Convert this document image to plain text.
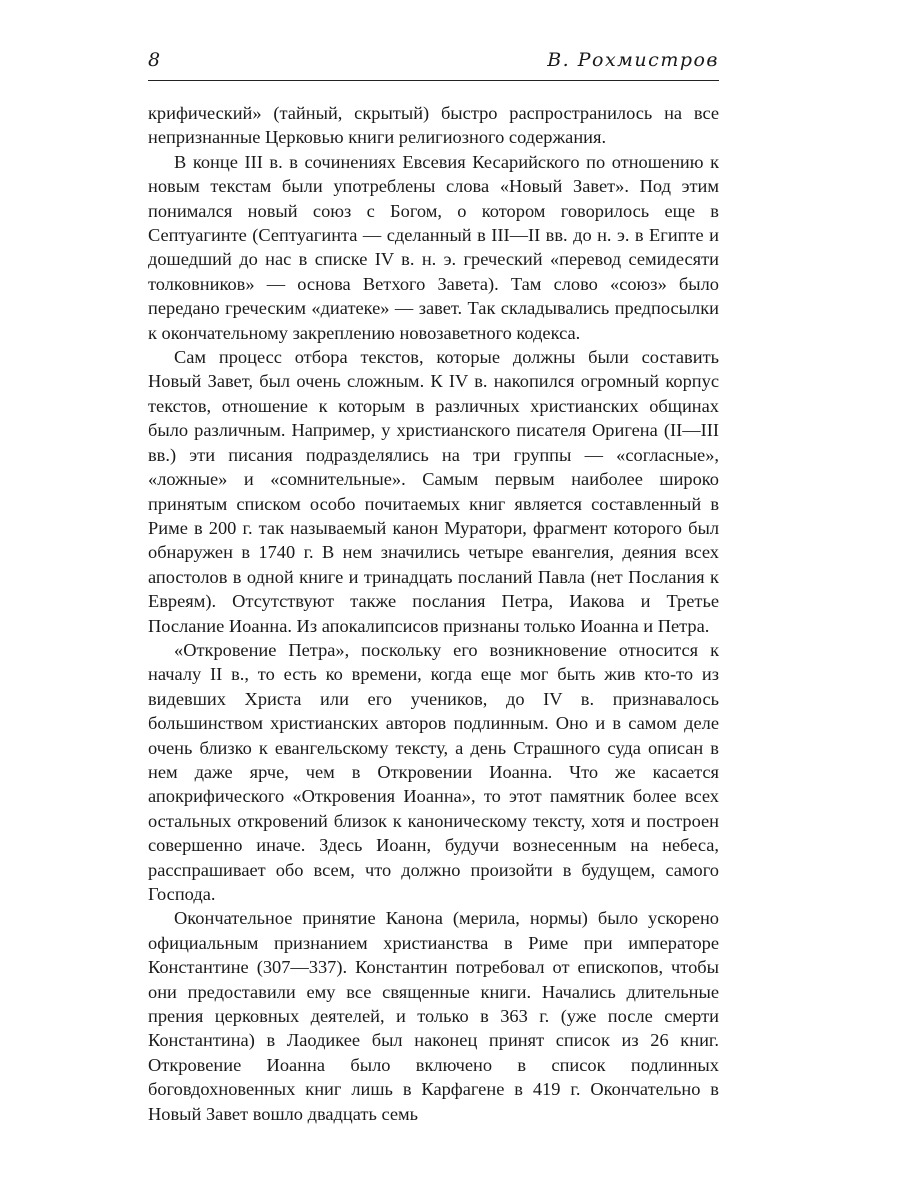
8	В. Рохмистров

крифический» (тайный, скрытый) быстро распространилось на все непризнанные Церковью книги религиозного содержания.

В конце III в. в сочинениях Евсевия Кесарийского по отношению к новым текстам были употреблены слова «Новый Завет». Под этим понимался новый союз с Богом, о котором говорилось еще в Септуагинте (Септуагинта — сделанный в III—II вв. до н. э. в Египте и дошедший до нас в списке IV в. н. э. греческий «перевод семидесяти толковников» — основа Ветхого Завета). Там слово «союз» было передано греческим «диатеке» — завет. Так складывались предпосылки к окончательному закреплению новозаветного кодекса.

Сам процесс отбора текстов, которые должны были составить Новый Завет, был очень сложным. К IV в. накопился огромный корпус текстов, отношение к которым в различных христианских общинах было различным. Например, у христианского писателя Оригена (II—III вв.) эти писания подразделялись на три группы — «согласные», «ложные» и «сомнительные». Самым первым наиболее широко принятым списком особо почитаемых книг является составленный в Риме в 200 г. так называемый канон Муратори, фрагмент которого был обнаружен в 1740 г. В нем значились четыре евангелия, деяния всех апостолов в одной книге и тринадцать посланий Павла (нет Послания к Евреям). Отсутствуют также послания Петра, Иакова и Третье Послание Иоанна. Из апокалипсисов признаны только Иоанна и Петра.

«Откровение Петра», поскольку его возникновение относится к началу II в., то есть ко времени, когда еще мог быть жив кто-то из видевших Христа или его учеников, до IV в. признавалось большинством христианских авторов подлинным. Оно и в самом деле очень близко к евангельскому тексту, а день Страшного суда описан в нем даже ярче, чем в Откровении Иоанна. Что же касается апокрифического «Откровения Иоанна», то этот памятник более всех остальных откровений близок к каноническому тексту, хотя и построен совершенно иначе. Здесь Иоанн, будучи вознесенным на небеса, расспрашивает обо всем, что должно произойти в будущем, самого Господа.

Окончательное принятие Канона (мерила, нормы) было ускорено официальным признанием христианства в Риме при императоре Константине (307—337). Константин потребовал от епископов, чтобы они предоставили ему все священные книги. Начались длительные прения церковных деятелей, и только в 363 г. (уже после смерти Константина) в Лаодикее был наконец принят список из 26 книг. Откровение Иоанна было включено в список подлинных боговдохновенных книг лишь в Карфагене в 419 г. Окончательно в Новый Завет вошло двадцать семь
